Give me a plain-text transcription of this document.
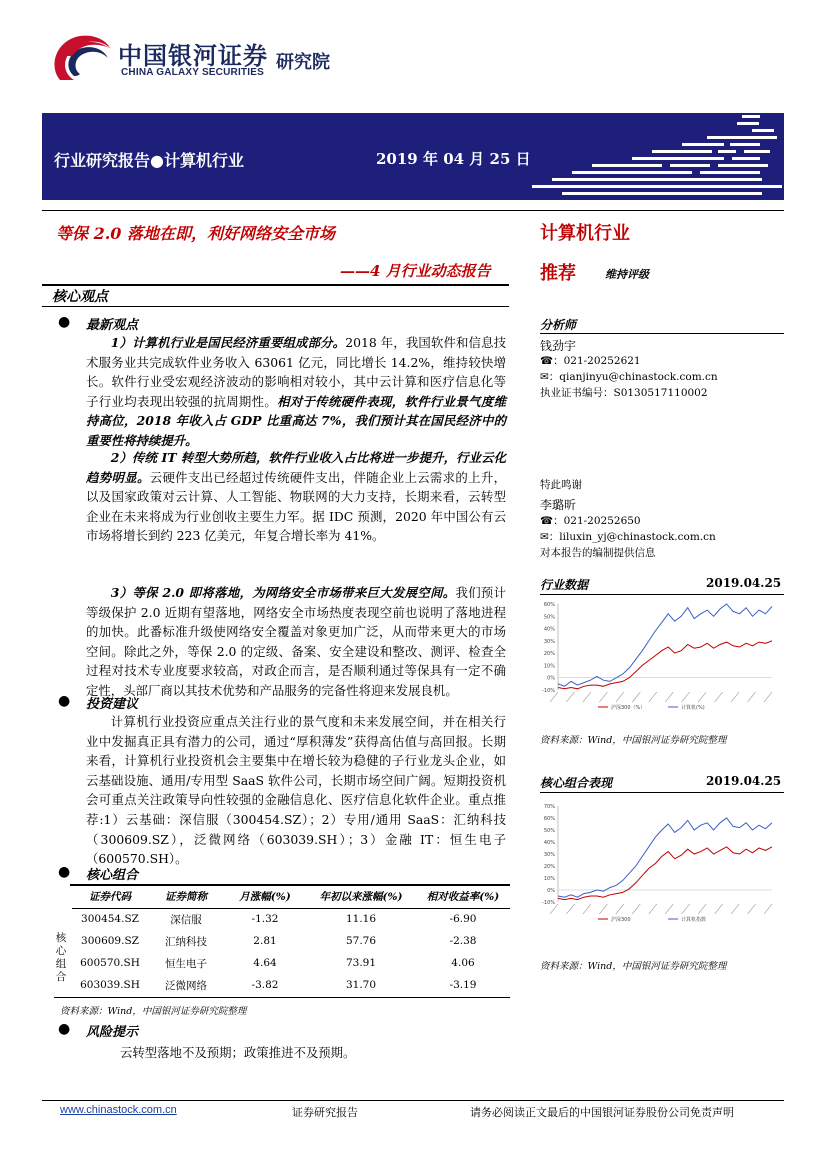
中国银河证券
CHINA GALAXY SECURITIES 研究院
行业研究报告●计算机行业	2019 年 04 月 25 日
等保 2.0 落地在即，利好网络安全市场
——4 月行业动态报告
计算机行业
推荐	维持评级
核心观点
● 最新观点

1）计算机行业是国民经济重要组成部分。2018 年，我国软件和信息技术服务业共完成软件业务收入 63061 亿元，同比增长 14.2%，维持较快增长。软件行业受宏观经济波动的影响相对较小，其中云计算和医疗信息化等子行业均表现出较强的抗周期性。相对于传统硬件表现，软件行业景气度维持高位，2018 年收入占 GDP 比重高达 7%，我们预计其在国民经济中的重要性将持续提升。

2）传统 IT 转型大势所趋，软件行业收入占比将进一步提升，行业云化趋势明显。云硬件支出已经超过传统硬件支出，伴随企业上云需求的上升，以及国家政策对云计算、人工智能、物联网的大力支持，长期来看，云转型企业在未来将成为行业创收主要生力军。据 IDC 预测，2020 年中国公有云市场将增长到约 223 亿美元，年复合增长率为 41%。

3）等保 2.0 即将落地，为网络安全市场带来巨大发展空间。我们预计等级保护 2.0 近期有望落地，网络安全市场热度表现空前也说明了落地进程的加快。此番标准升级使网络安全覆盖对象更加广泛，从而带来更大的市场空间。除此之外，等保 2.0 的定级、备案、安全建设和整改、测评、检查全过程对技术专业度要求较高，对政企而言，是否顺利通过等保具有一定不确定性，头部厂商以其技术优势和产品服务的完备性将迎来发展良机。

● 投资建议

计算机行业投资应重点关注行业的景气度和未来发展空间，并在相关行业中发掘真正具有潜力的公司，通过“厚积薄发”获得高估值与高回报。长期来看，计算机行业投资机会主要集中在增长较为稳健的子行业龙头企业，如云基础设施、通用/专用型 SaaS 软件公司，长期市场空间广阔。短期投资机会可重点关注政策导向性较强的金融信息化、医疗信息化软件企业。重点推荐:1）云基础：深信服（300454.SZ）；2）专用/通用 SaaS：汇纳科技（300609.SZ），泛微网络（603039.SH）；3）金融 IT：恒生电子（600570.SH）。

● 核心组合
核心组合
证券代码	证券简称	月涨幅(%)	年初以来涨幅(%)	相对收益率(%)
300454.SZ	深信服	-1.32	11.16	-6.90
300609.SZ	汇纳科技	2.81	57.76	-2.38
600570.SH	恒生电子	4.64	73.91	4.06
603039.SH	泛微网络	-3.82	31.70	-3.19
资料来源：Wind，中国银河证券研究院整理
● 风险提示
云转型落地不及预期；政策推进不及预期。
分析师
钱劲宇
☎：021-20252621
✉：qianjinyu@chinastock.com.cn
执业证书编号：S0130517110002
特此鸣谢
李璐昕
☎：021-20252650
✉：liluxin_yj@chinastock.com.cn
对本报告的编制提供信息
行业数据	2019.04.25
60%
50%
40%
30%
20%
10%
0%
-10%
沪深300（%）	计算机(%)
资料来源：Wind，中国银河证券研究院整理
核心组合表现	2019.04.25
70%
60%
50%
40%
30%
20%
10%
0%
-10%
沪深300	计算机指数
资料来源：Wind，中国银河证券研究院整理
www.chinastock.com.cn	证券研究报告	请务必阅读正文最后的中国银河证券股份公司免责声明
